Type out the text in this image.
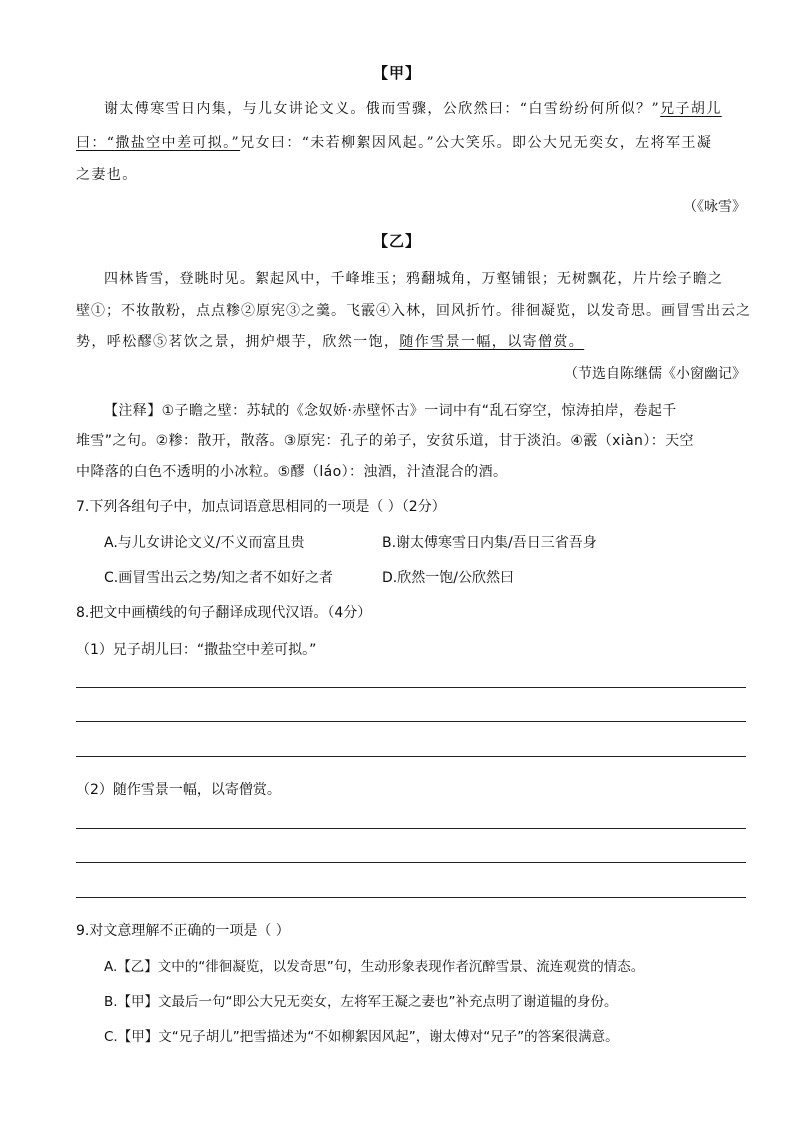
【甲】
谢太傅寒雪日内集，与儿女讲论文义。俄而雪骤，公欣然曰：“白雪纷纷何所似？”兄子胡儿
曰：“撒盐空中差可拟。”兄女曰：“未若柳絮因风起。”公大笑乐。即公大兄无奕女，左将军王凝
之妻也。
（《咏雪》
【乙】
四林皆雪，登眺时见。絮起风中，千峰堆玉；鸦翻城角，万壑铺银；无树飘花，片片绘子瞻之
壁①；不妆散粉，点点糁②原宪③之羹。飞霰④入林，回风折竹。徘徊凝览，以发奇思。画冒雪出云之
势，呼松醪⑤茗饮之景，拥炉煨芋，欣然一饱，随作雪景一幅，以寄僧赏。
（节选自陈继儒《小窗幽记》
【注释】①子瞻之壁：苏轼的《念奴娇·赤壁怀古》一词中有“乱石穿空，惊涛拍岸，卷起千
堆雪”之句。②糁：散开，散落。③原宪：孔子的弟子，安贫乐道，甘于淡泊。④霰（xiàn）：天空
中降落的白色不透明的小冰粒。⑤醪（láo）：浊酒，汁渣混合的酒。
7.下列各组句子中，加点词语意思相同的一项是（ ）（2分）
A.与儿女讲论文义/不义而富且贵	B.谢太傅寒雪日内集/吾日三省吾身
C.画冒雪出云之势/知之者不如好之者	D.欣然一饱/公欣然曰
8.把文中画横线的句子翻译成现代汉语。（4分）
（1）兄子胡儿曰：“撒盐空中差可拟。”
（2）随作雪景一幅，以寄僧赏。
9.对文意理解不正确的一项是（ ）
A.【乙】文中的“徘徊凝览，以发奇思”句，生动形象表现作者沉醉雪景、流连观赏的情态。
B.【甲】文最后一句“即公大兄无奕女，左将军王凝之妻也”补充点明了谢道韫的身份。
C.【甲】文“兄子胡儿”把雪描述为“不如柳絮因风起”，谢太傅对“兄子”的答案很满意。
